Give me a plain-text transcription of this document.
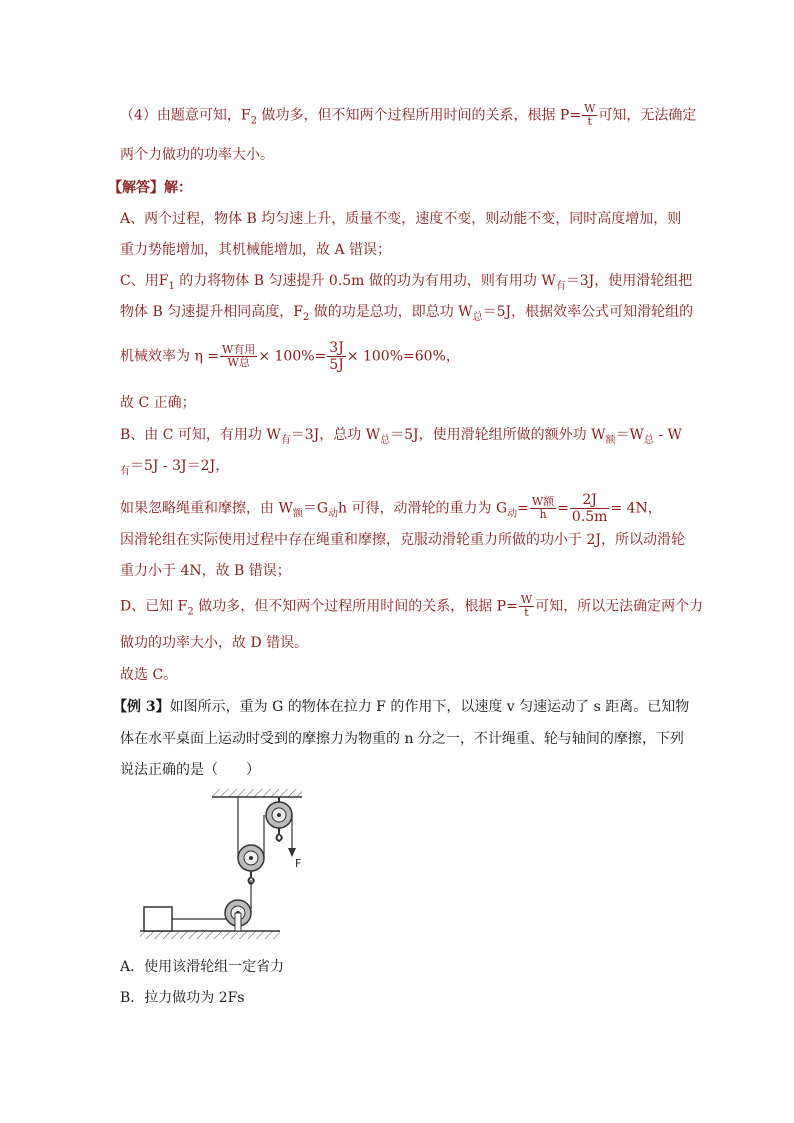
（4）由题意可知，$F_2$ 做功多，但不知两个过程所用时间的关系，根据 $P= \frac{W}{t}$ 可知，无法确定
两个力做功的功率大小。
【解答】解：
A、两个过程，物体 B 均匀速上升，质量不变，速度不变，则动能不变，同时高度增加，则
重力势能增加，其机械能增加，故 A 错误；
C、用$F_1$ 的力将物体 B 匀速提升 0.5m 做的功为有用功，则有用功 $W_有=3J$，使用滑轮组把
物体 B 匀速提升相同高度，$F_2$ 做的功是总功，即总功 $W_总=5J$，根据效率公式可知滑轮组的
机械效率为 $\eta = \frac{\text{W有用}}{\text{W总}} \times 100\%= \frac{3J}{5J} \times 100\%=60\%$，
故 C 正确；
B、由 C 可知，有用功 $W_有=3J$，总功 $W_总=5J$，使用滑轮组所做的额外功 $W_额=W_总 - W$
$_有$＝5J - 3J＝2J，
如果忽略绳重和摩擦，由 $W_额=G_动h$ 可得，动滑轮的重力为 $G_动= \frac{\text{W额}}{h} = \frac{2J}{0.5m} = 4N$，
因滑轮组在实际使用过程中存在绳重和摩擦，克服动滑轮重力所做的功小于 2J，所以动滑轮
重力小于 4N，故 B 错误；
D、已知 $F_2$ 做功多，但不知两个过程所用时间的关系，根据 $P= \frac{W}{t}$ 可知，所以无法确定两个力
做功的功率大小，故 D 错误。
故选 C。
【例 3】如图所示，重为 G 的物体在拉力 F 的作用下，以速度 v 匀速运动了 s 距离。已知物
体在水平桌面上运动时受到的摩擦力为物重的 n 分之一，不计绳重、轮与轴间的摩擦，下列
说法正确的是（　　）
F
A．使用该滑轮组一定省力
B．拉力做功为 2Fs
